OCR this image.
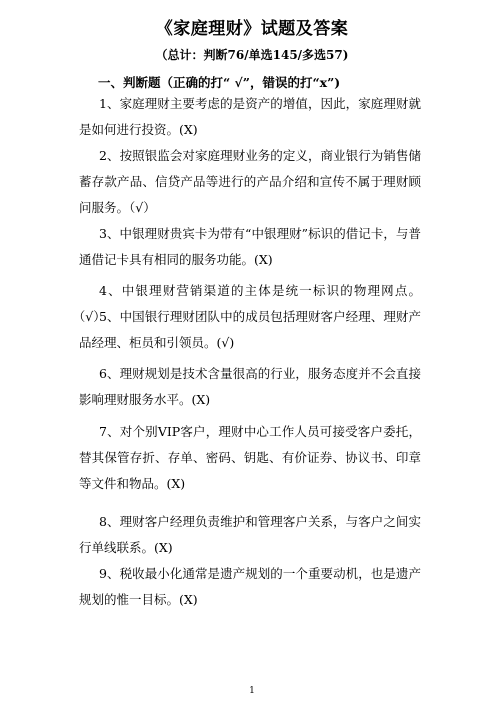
《家庭理财》试题及答案
（总计：判断76/单选145/多选57)
一、判断题（正确的打“ √”，错误的打“x”)
1、家庭理财主要考虑的是资产的增值，因此，家庭理财就是如何进行投资。(X)
2、按照银监会对家庭理财业务的定义，商业银行为销售储蓄存款产品、信贷产品等进行的产品介绍和宣传不属于理财顾问服务。（√）
3、中银理财贵宾卡为带有“中银理财”标识的借记卡，与普通借记卡具有相同的服务功能。(X)
4、中银理财营销渠道的主体是统一标识的物理网点。（√）
5、中国银行理财团队中的成员包括理财客户经理、理财产品经理、柜员和引领员。(√)
6、理财规划是技术含量很高的行业，服务态度并不会直接影响理财服务水平。(X)
7、对个别VIP客户，理财中心工作人员可接受客户委托，替其保管存折、存单、密码、钥匙、有价证券、协议书、印章等文件和物品。(X)
8、理财客户经理负责维护和管理客户关系，与客户之间实行单线联系。(X)
9、税收最小化通常是遗产规划的一个重要动机，也是遗产规划的惟一目标。(X)
1
